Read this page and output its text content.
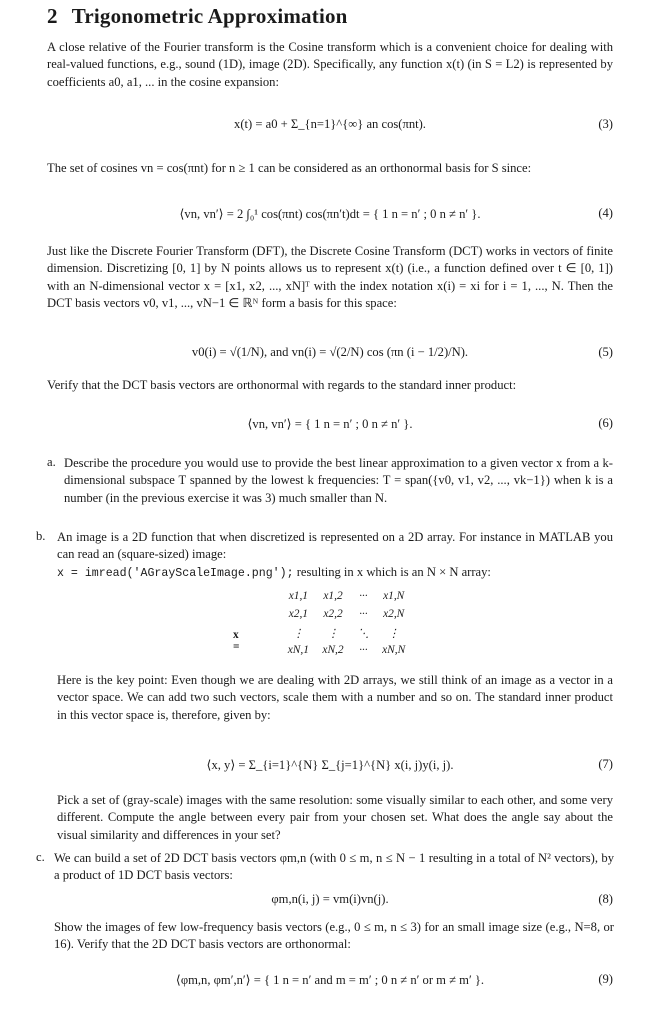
2 Trigonometric Approximation
A close relative of the Fourier transform is the Cosine transform which is a convenient choice for dealing with real-valued functions, e.g., sound (1D), image (2D). Specifically, any function x(t) (in S = L2) is represented by coefficients a0, a1, ... in the cosine expansion:
x(t) = a0 + Σ_{n=1}^{∞} an cos(πnt).	(3)
The set of cosines vn = cos(πnt) for n ≥ 1 can be considered as an orthonormal basis for S since:
⟨vn, vn′⟩ = 2 ∫₀¹ cos(πnt) cos(πn′t)dt = { 1 n = n′ ; 0 n ≠ n′ }.	(4)
Just like the Discrete Fourier Transform (DFT), the Discrete Cosine Transform (DCT) works in vectors of finite dimension. Discretizing [0, 1] by N points allows us to represent x(t) (i.e., a function defined over t ∈ [0, 1]) with an N-dimensional vector x = [x1, x2, ..., xN]ᵀ with the index notation x(i) = xi for i = 1, ..., N. Then the DCT basis vectors v0, v1, ..., vN−1 ∈ ℝᴺ form a basis for this space:
v0(i) = √(1/N), and vn(i) = √(2/N) cos (πn (i − 1/2)/N).	(5)
Verify that the DCT basis vectors are orthonormal with regards to the standard inner product:
⟨vn, vn′⟩ = { 1 n = n′ ; 0 n ≠ n′ }.	(6)
a. Describe the procedure you would use to provide the best linear approximation to a given vector x from a k-dimensional subspace T spanned by the lowest k frequencies: T = span({v0, v1, v2, ..., vk−1}) when k is a number (in the previous exercise it was 3) much smaller than N.
b. An image is a 2D function that when discretized is represented on a 2D array. For instance in MATLAB you can read an (square-sized) image:
x = imread('AGrayScaleImage.png'); resulting in x which is an N × N array:
x =
x1,1	x1,2	···	x1,N
x2,1	x2,2	···	x2,N
⋮	⋮	⋱	⋮
xN,1	xN,2	···	xN,N
Here is the key point: Even though we are dealing with 2D arrays, we still think of an image as a vector in a vector space. We can add two such vectors, scale them with a number and so on. The standard inner product in this vector space is, therefore, given by:
⟨x, y⟩ = Σ_{i=1}^{N} Σ_{j=1}^{N} x(i, j)y(i, j).	(7)
Pick a set of (gray-scale) images with the same resolution: some visually similar to each other, and some very different. Compute the angle between every pair from your chosen set. What does the angle say about the visual similarity and differences in your set?
c. We can build a set of 2D DCT basis vectors φm,n (with 0 ≤ m, n ≤ N − 1 resulting in a total of N² vectors), by a product of 1D DCT basis vectors:
φm,n(i, j) = vm(i)vn(j).	(8)
Show the images of few low-frequency basis vectors (e.g., 0 ≤ m, n ≤ 3) for an small image size (e.g., N=8, or 16). Verify that the 2D DCT basis vectors are orthonormal:
⟨φm,n, φm′,n′⟩ = { 1 n = n′ and m = m′ ; 0 n ≠ n′ or m ≠ m′ }.	(9)
